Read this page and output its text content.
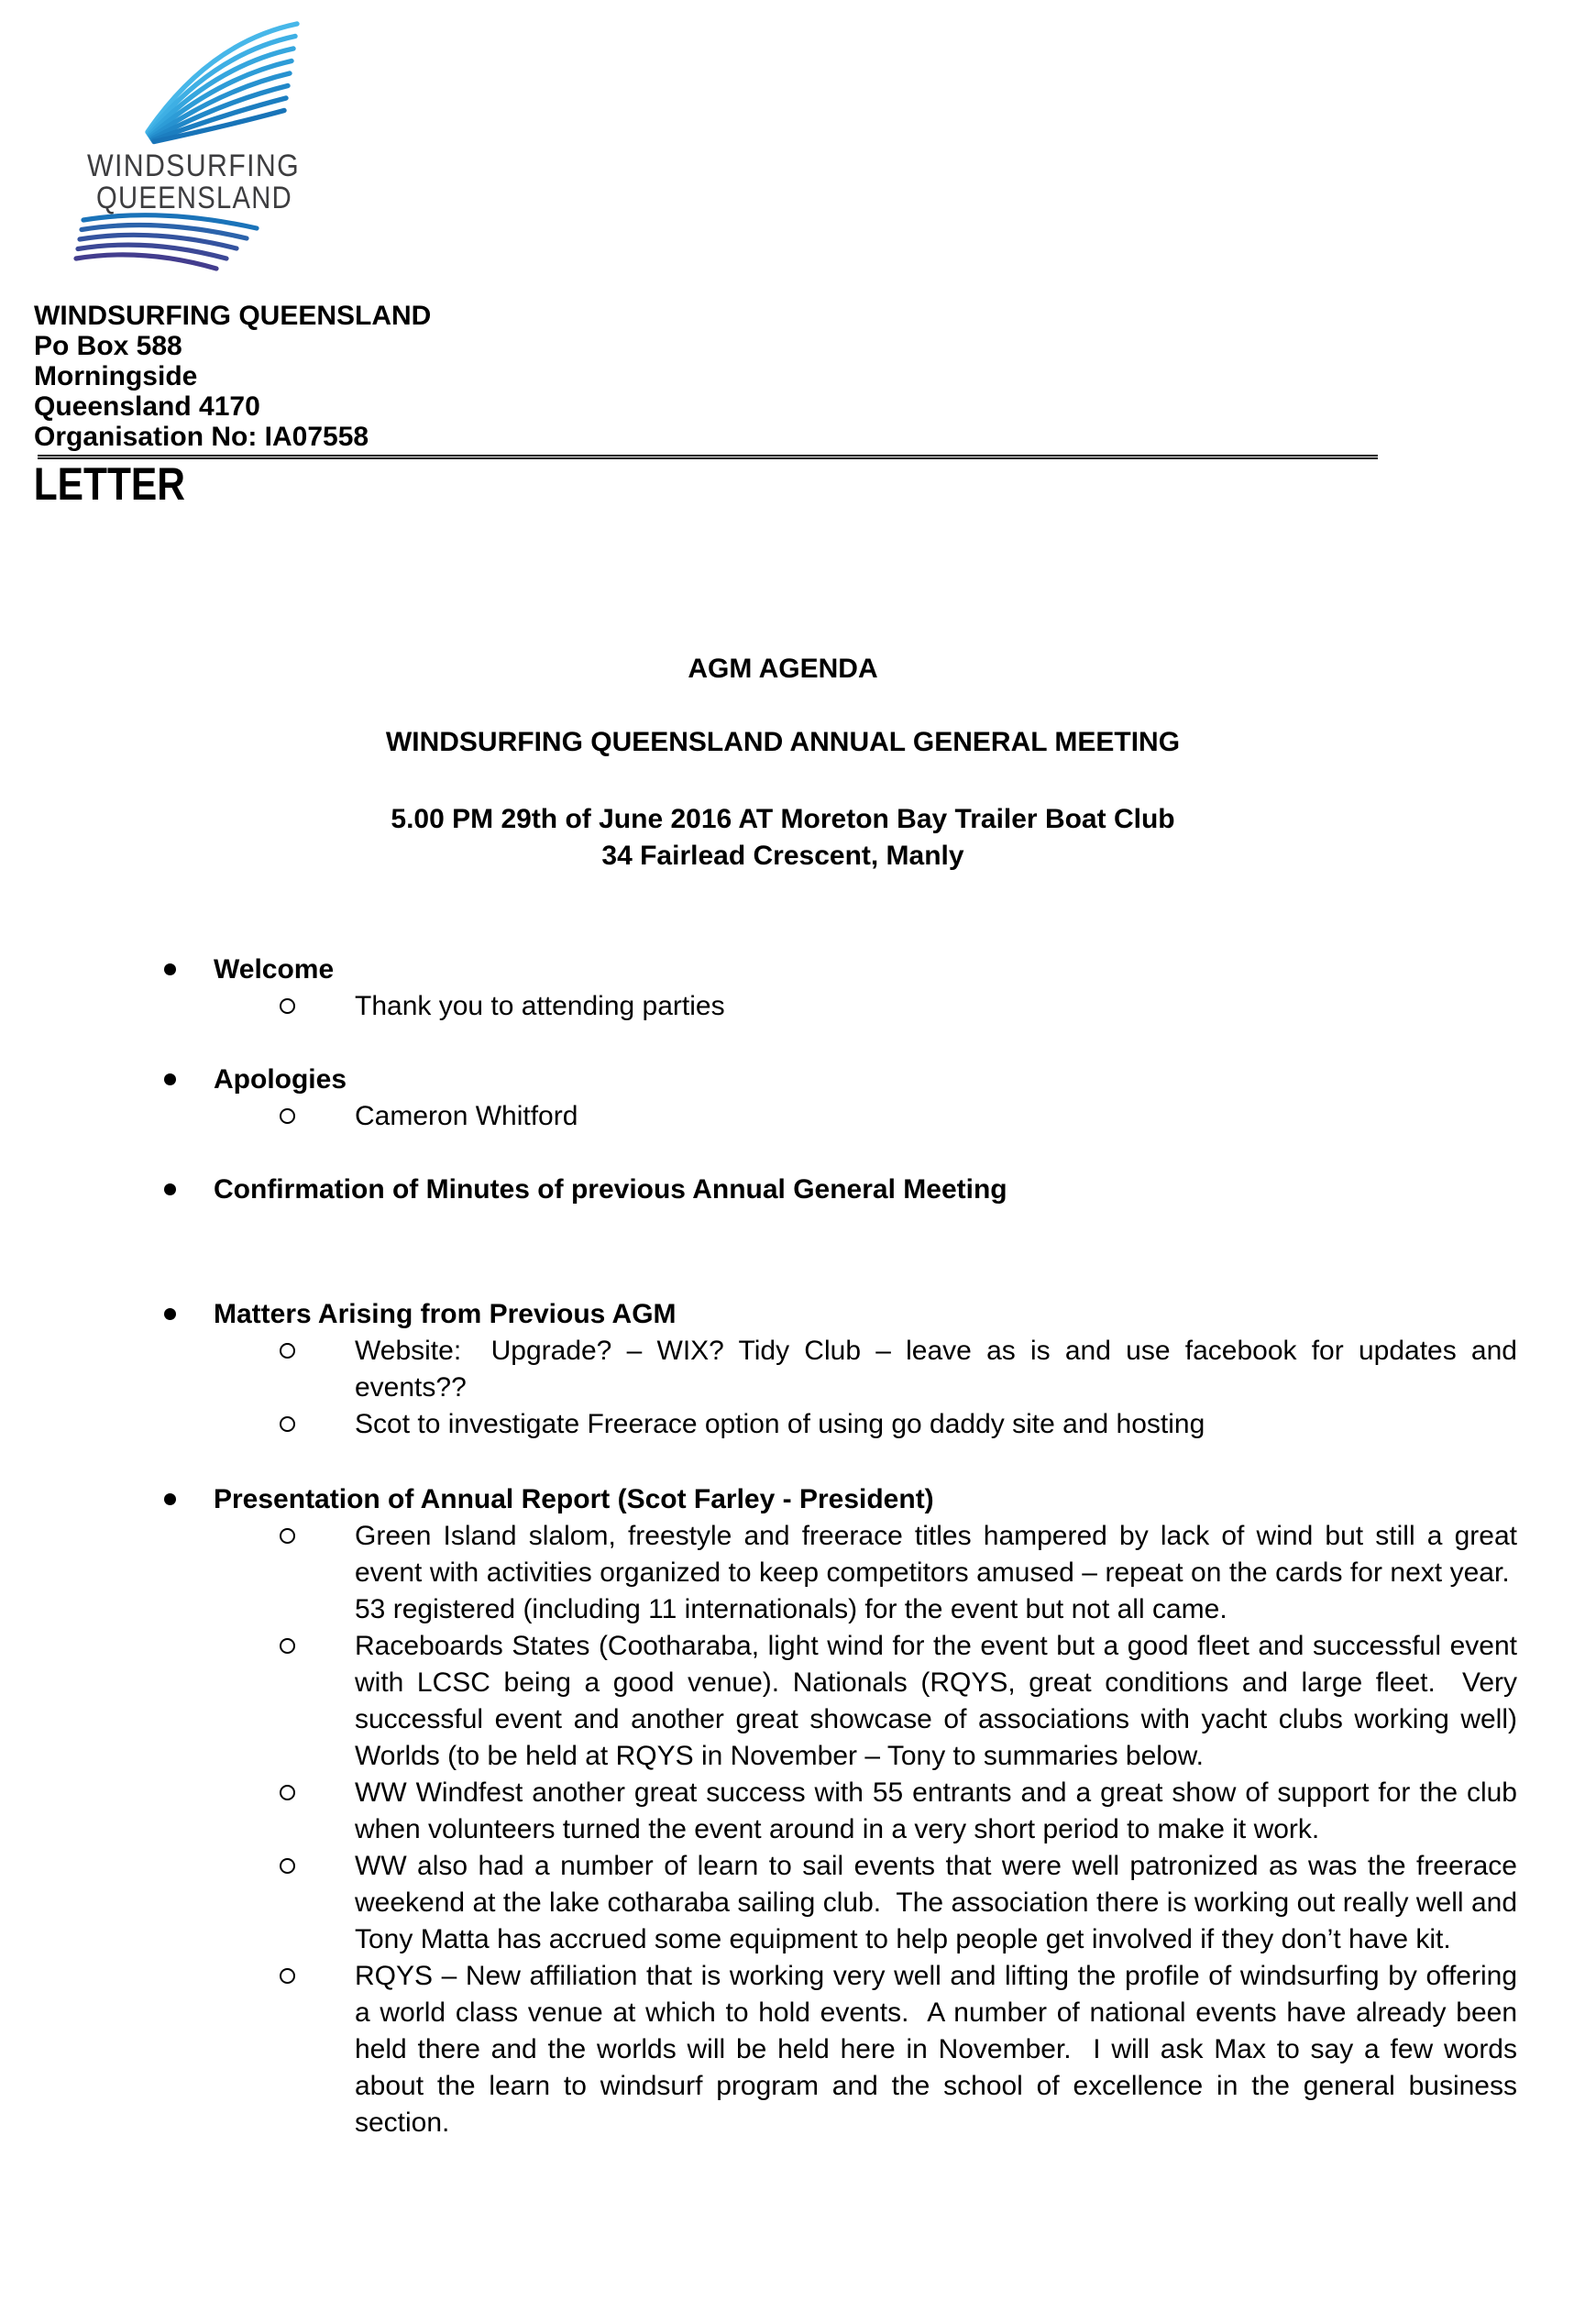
WINDSURFING
QUEENSLAND
WINDSURFING QUEENSLAND
Po Box 588
Morningside
Queensland 4170
Organisation No: IA07558
LETTER
AGM AGENDA
WINDSURFING QUEENSLAND ANNUAL GENERAL MEETING
5.00 PM 29th of June 2016 AT Moreton Bay Trailer Boat Club
34 Fairlead Crescent, Manly
Welcome
Thank you to attending parties
Apologies
Cameron Whitford
Confirmation of Minutes of previous Annual General Meeting
Matters Arising from Previous AGM
Website:  Upgrade? – WIX? Tidy Club – leave as is and use facebook for updates and events??
Scot to investigate Freerace option of using go daddy site and hosting
Presentation of Annual Report (Scot Farley - President)
Green Island slalom, freestyle and freerace titles hampered by lack of wind but still a great event with activities organized to keep competitors amused – repeat on the cards for next year.  53 registered (including 11 internationals) for the event but not all came.
Raceboards States (Cootharaba, light wind for the event but a good fleet and successful event with LCSC being a good venue). Nationals (RQYS, great conditions and large fleet.  Very successful event and another great showcase of associations with yacht clubs working well) Worlds (to be held at RQYS in November – Tony to summaries below.
WW Windfest another great success with 55 entrants and a great show of support for the club when volunteers turned the event around in a very short period to make it work.
WW also had a number of learn to sail events that were well patronized as was the freerace weekend at the lake cotharaba sailing club.  The association there is working out really well and Tony Matta has accrued some equipment to help people get involved if they don’t have kit.
RQYS – New affiliation that is working very well and lifting the profile of windsurfing by offering a world class venue at which to hold events.  A number of national events have already been held there and the worlds will be held here in November.  I will ask Max to say a few words about the learn to windsurf program and the school of excellence in the general business section.
